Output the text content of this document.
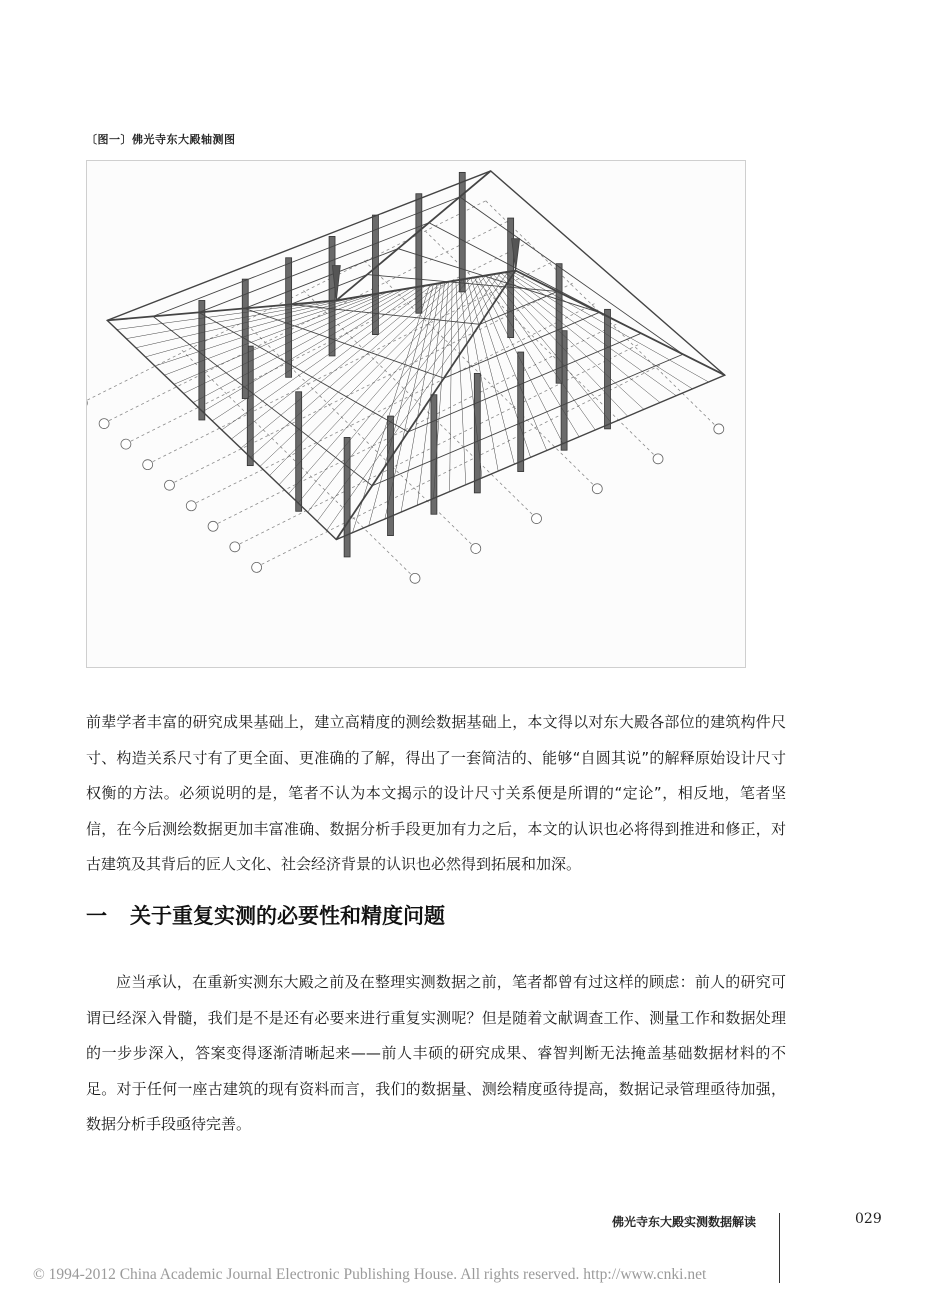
〔图一〕佛光寺东大殿轴测图

前辈学者丰富的研究成果基础上，建立高精度的测绘数据基础上，本文得以对东大殿各部位的建筑构件尺寸、构造关系尺寸有了更全面、更准确的了解，得出了一套简洁的、能够“自圆其说”的解释原始设计尺寸权衡的方法。必须说明的是，笔者不认为本文揭示的设计尺寸关系便是所谓的“定论”，相反地，笔者坚信，在今后测绘数据更加丰富准确、数据分析手段更加有力之后，本文的认识也必将得到推进和修正，对古建筑及其背后的匠人文化、社会经济背景的认识也必然得到拓展和加深。

一 关于重复实测的必要性和精度问题

应当承认，在重新实测东大殿之前及在整理实测数据之前，笔者都曾有过这样的顾虑：前人的研究可谓已经深入骨髓，我们是不是还有必要来进行重复实测呢？但是随着文献调查工作、测量工作和数据处理的一步步深入，答案变得逐渐清晰起来——前人丰硕的研究成果、睿智判断无法掩盖基础数据材料的不足。对于任何一座古建筑的现有资料而言，我们的数据量、测绘精度亟待提高，数据记录管理亟待加强，数据分析手段亟待完善。

佛光寺东大殿实测数据解读	029
© 1994-2012 China Academic Journal Electronic Publishing House. All rights reserved. http://www.cnki.net
